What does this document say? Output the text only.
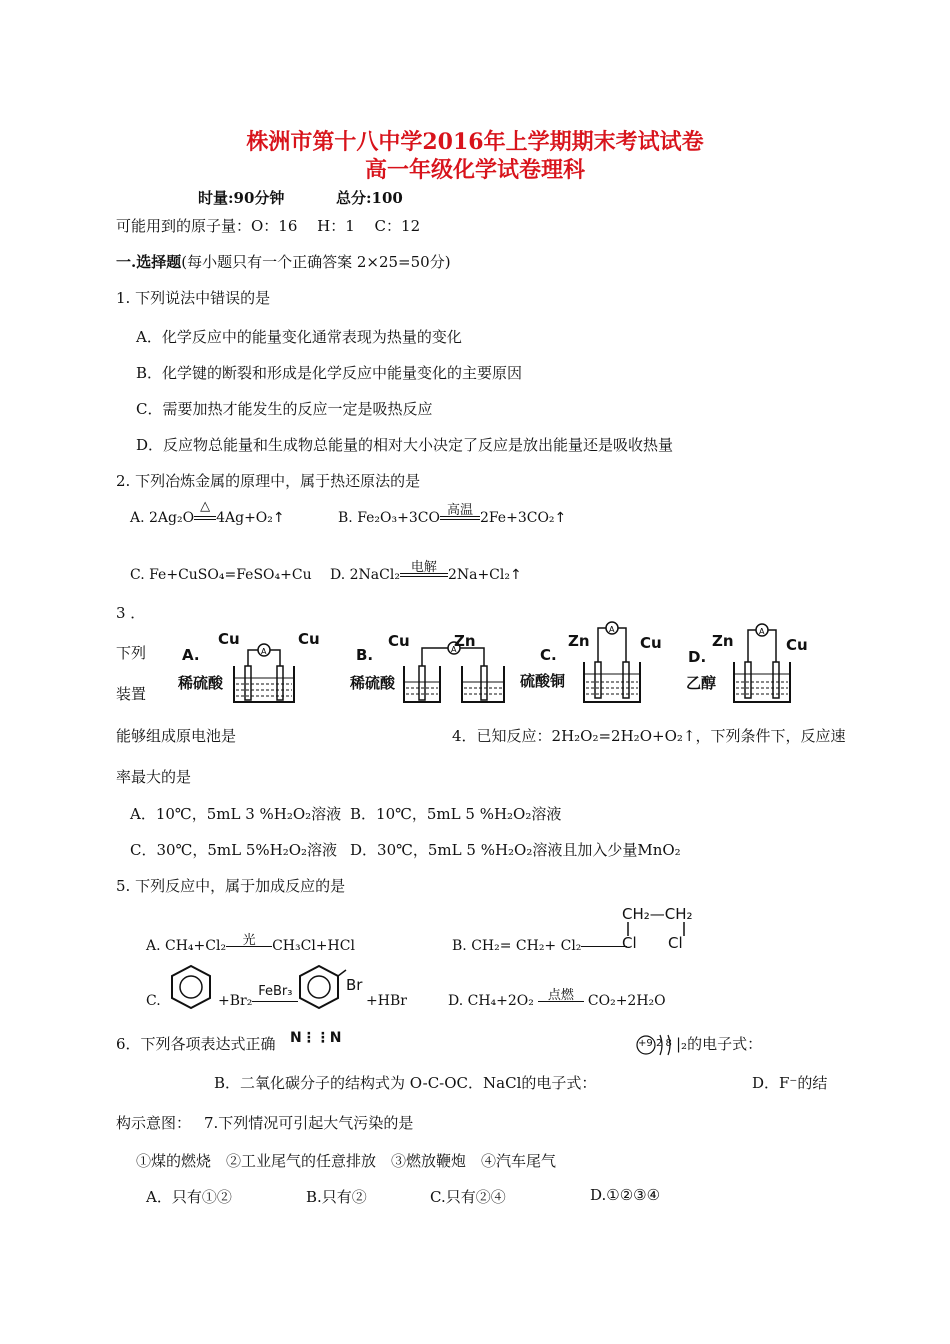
株洲市第十八中学2016年上学期期末考试试卷
高一年级化学试卷理科
时量:90分钟	总分:100
可能用到的原子量：O：16　 H：1　 C：12
一.选择题(每小题只有一个正确答案 2×25=50分)
1. 下列说法中错误的是
A．化学反应中的能量变化通常表现为热量的变化
B．化学键的断裂和形成是化学反应中能量变化的主要原因
C．需要加热才能发生的反应一定是吸热反应
D．反应物总能量和生成物总能量的相对大小决定了反应是放出能量还是吸收热量
2. 下列冶炼金属的原理中，属于热还原法的是
A. 2Ag₂O
△
4Ag+O₂↑	B. Fe₂O₃+3CO 高温 2Fe+3CO₂↑
C. Fe+CuSO₄=FeSO₄+Cu D. 2NaCl₂ 电解 2Na+Cl₂↑
3 ．
下列
装置
能够组成原电池是
Cu	Cu
A.
稀硫酸
A
Cu	Zn
B.
稀硫酸
A	Zn	Cu
C.
硫酸铜
A
Zn	Cu
D.
乙醇
A
4．已知反应：2H₂O₂=2H₂O+O₂↑，下列条件下，反应速
率最大的是
A．10℃，5mL 3 %H₂O₂溶液 B．10℃，5mL 5 %H₂O₂溶液
C．30℃，5mL 5%H₂O₂溶液 D．30℃，5mL 5 %H₂O₂溶液且加入少量MnO₂
5. 下列反应中，属于加成反应的是
A. CH₄+Cl₂	光	CH₃Cl+HCl	B. CH₂= CH₂+ Cl₂
CH₂—CH₂
Cl Cl
C.	+Br₂
FeBr₃	Br
+HBr	D. CH₄+2O₂	点燃	CO₂+2H₂O
6．下列各项表达式正确 N⋮⋮N	+9 2 8 |₂的电子式：
B．二氧化碳分子的结构式为 O-C-OC．NaCl的电子式：	D．F⁻的结
构示意图： 7.下列情况可引起大气污染的是
①煤的燃烧　②工业尾气的任意排放　③燃放鞭炮　④汽车尾气
A．只有①②	B.只有②	C.只有②④	D.①②③④
